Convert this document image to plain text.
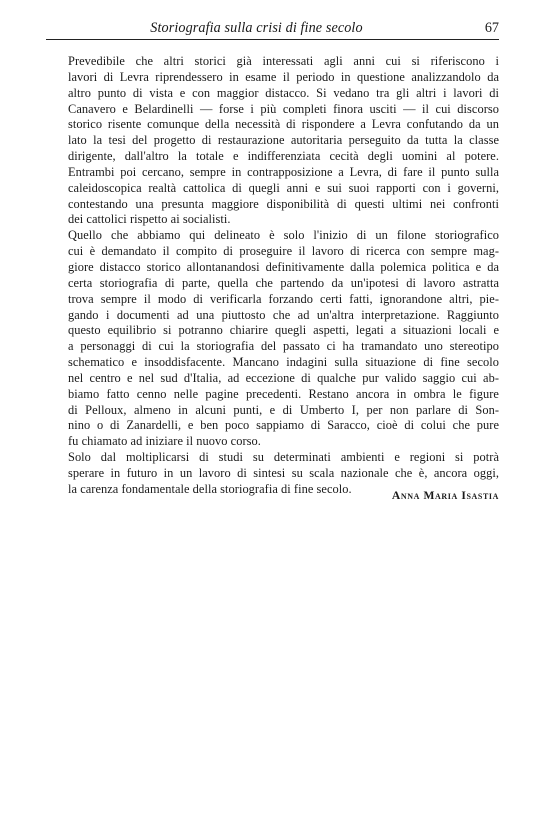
Storiografia sulla crisi di fine secolo	67
Prevedibile che altri storici già interessati agli anni cui si riferiscono i
lavori di Levra riprendessero in esame il periodo in questione analizzandolo da
altro punto di vista e con maggior distacco. Si vedano tra gli altri i lavori di
Canavero e Belardinelli — forse i più completi finora usciti — il cui discorso
storico risente comunque della necessità di rispondere a Levra confutando da un
lato la tesi del progetto di restaurazione autoritaria perseguito da tutta la classe
dirigente, dall'altro la totale e indifferenziata cecità degli uomini al potere.
Entrambi poi cercano, sempre in contrapposizione a Levra, di fare il punto sulla
caleidoscopica realtà cattolica di quegli anni e sui suoi rapporti con i governi,
contestando una presunta maggiore disponibilità di questi ultimi nei confronti
dei cattolici rispetto ai socialisti.
Quello che abbiamo qui delineato è solo l'inizio di un filone storiografico
cui è demandato il compito di proseguire il lavoro di ricerca con sempre mag-
giore distacco storico allontanandosi definitivamente dalla polemica politica e da
certa storiografia di parte, quella che partendo da un'ipotesi di lavoro astratta
trova sempre il modo di verificarla forzando certi fatti, ignorandone altri, pie-
gando i documenti ad una piuttosto che ad un'altra interpretazione. Raggiunto
questo equilibrio si potranno chiarire quegli aspetti, legati a situazioni locali e
a personaggi di cui la storiografia del passato ci ha tramandato uno stereotipo
schematico e insoddisfacente. Mancano indagini sulla situazione di fine secolo
nel centro e nel sud d'Italia, ad eccezione di qualche pur valido saggio cui ab-
biamo fatto cenno nelle pagine precedenti. Restano ancora in ombra le figure
di Pelloux, almeno in alcuni punti, e di Umberto I, per non parlare di Son-
nino o di Zanardelli, e ben poco sappiamo di Saracco, cioè di colui che pure
fu chiamato ad iniziare il nuovo corso.
Solo dal moltiplicarsi di studi su determinati ambienti e regioni si potrà
sperare in futuro in un lavoro di sintesi su scala nazionale che è, ancora oggi,
la carenza fondamentale della storiografia di fine secolo.	Anna Maria Isastia
